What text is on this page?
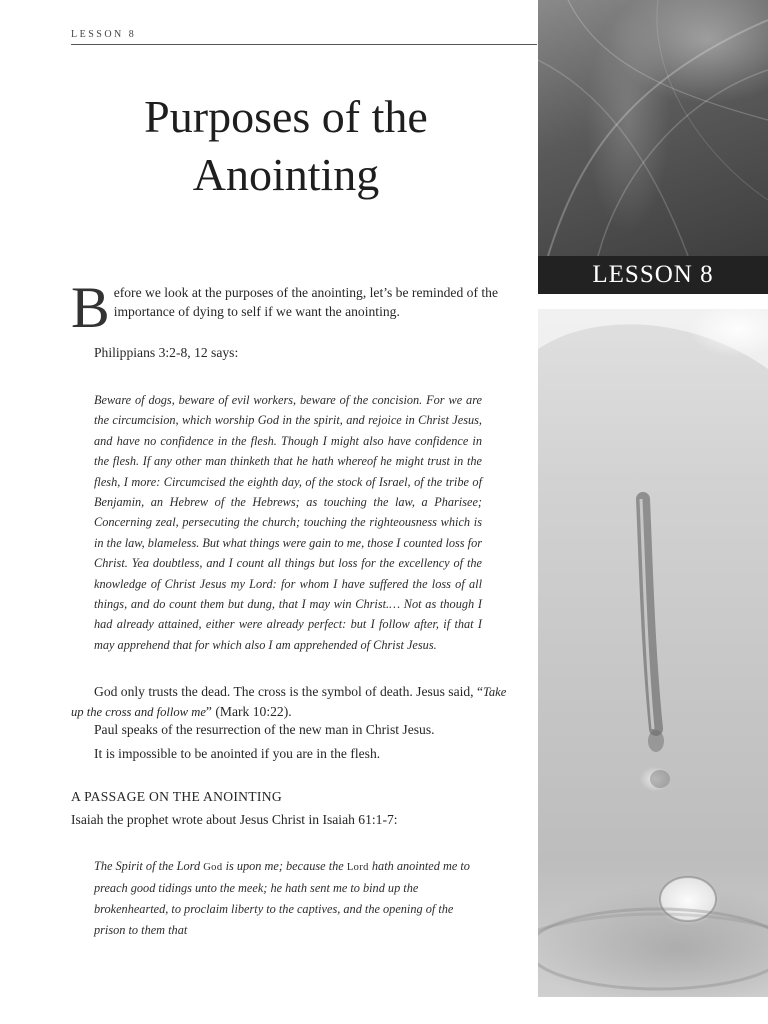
LESSON 8
Purposes of the
Anointing
LESSON 8
B efore we look at the purposes of the anointing, let’s be reminded of the importance of dying to self if we want the anointing.
Philippians 3:2-8, 12 says:
Beware of dogs, beware of evil workers, beware of the concision. For we are the circumcision, which worship God in the spirit, and rejoice in Christ Jesus, and have no confidence in the flesh. Though I might also have confidence in the flesh. If any other man thinketh that he hath whereof he might trust in the flesh, I more: Circumcised the eighth day, of the stock of Israel, of the tribe of Benjamin, an Hebrew of the Hebrews; as touching the law, a Pharisee; Concerning zeal, persecuting the church; touching the righteousness which is in the law, blameless. But what things were gain to me, those I counted loss for Christ. Yea doubtless, and I count all things but loss for the excellency of the knowledge of Christ Jesus my Lord: for whom I have suffered the loss of all things, and do count them but dung, that I may win Christ.… Not as though I had already attained, either were already perfect: but I follow after, if that I may apprehend that for which also I am apprehended of Christ Jesus.
God only trusts the dead. The cross is the symbol of death. Jesus said, “Take up the cross and follow me” (Mark 10:22).
Paul speaks of the resurrection of the new man in Christ Jesus.
It is impossible to be anointed if you are in the flesh.
A PASSAGE ON THE ANOINTING
Isaiah the prophet wrote about Jesus Christ in Isaiah 61:1-7:
The Spirit of the Lord God is upon me; because the Lord hath anointed me to preach good tidings unto the meek; he hath sent me to bind up the brokenhearted, to proclaim liberty to the captives, and the opening of the prison to them that
